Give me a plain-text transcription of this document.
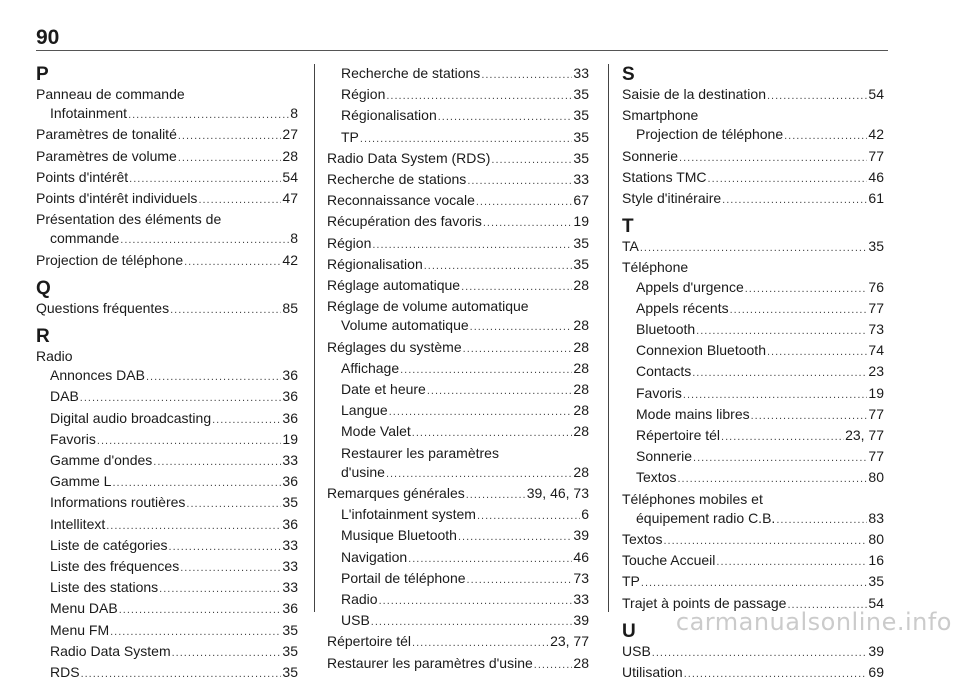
90
P
Panneau de commande
Infotainment .....	8
Paramètres de tonalité .....	27
Paramètres de volume .....	28
Points d'intérêt .....	54
Points d'intérêt individuels .....	47
Présentation des éléments de
commande .....	8
Projection de téléphone .....	42
Q
Questions fréquentes .....	85
R
Radio
Annonces DAB .....	36
DAB .....	36
Digital audio broadcasting .....	36
Favoris .....	19
Gamme d'ondes .....	33
Gamme L .....	36
Informations routières .....	35
Intellitext .....	36
Liste de catégories .....	33
Liste des fréquences .....	33
Liste des stations .....	33
Menu DAB .....	36
Menu FM .....	35
Radio Data System .....	35
RDS .....	35
Recherche de stations .....	33
Région .....	35
Régionalisation .....	35
TP .....	35
Radio Data System (RDS) .....	35
Recherche de stations .....	33
Reconnaissance vocale .....	67
Récupération des favoris .....	19
Région .....	35
Régionalisation .....	35
Réglage automatique .....	28
Réglage de volume automatique
Volume automatique .....	28
Réglages du système .....	28
Affichage .....	28
Date et heure .....	28
Langue .....	28
Mode Valet .....	28
Restaurer les paramètres
d'usine .....	28
Remarques générales .....	39, 46, 73
L'infotainment system .....	6
Musique Bluetooth .....	39
Navigation .....	46
Portail de téléphone .....	73
Radio .....	33
USB .....	39
Répertoire tél .....	23, 77
Restaurer les paramètres d'usine .....	28
S
Saisie de la destination .....	54
Smartphone
Projection de téléphone .....	42
Sonnerie .....	77
Stations TMC .....	46
Style d'itinéraire .....	61
T
TA .....	35
Téléphone
Appels d'urgence .....	76
Appels récents .....	77
Bluetooth .....	73
Connexion Bluetooth .....	74
Contacts .....	23
Favoris .....	19
Mode mains libres .....	77
Répertoire tél .....	23, 77
Sonnerie .....	77
Textos .....	80
Téléphones mobiles et
équipement radio C.B. .....	83
Textos .....	80
Touche Accueil .....	16
TP .....	35
Trajet à points de passage .....	54
U
USB .....	39
Utilisation .....	69
carmanualsonline.info
